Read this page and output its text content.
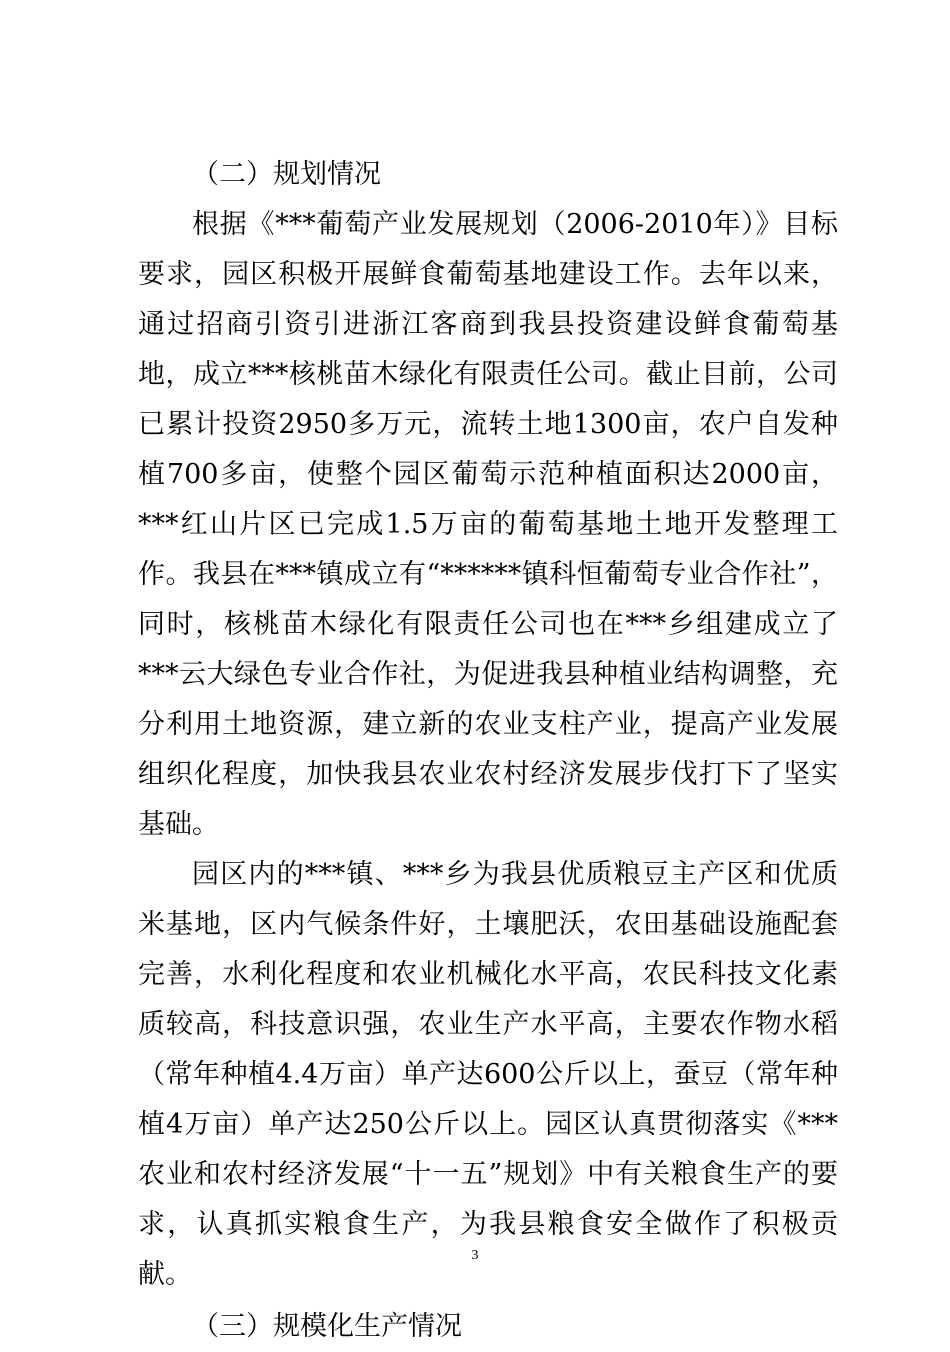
（二）规划情况

根据《***葡萄产业发展规划（2006-2010年）》目标要求，园区积极开展鲜食葡萄基地建设工作。去年以来，通过招商引资引进浙江客商到我县投资建设鲜食葡萄基地，成立***核桃苗木绿化有限责任公司。截止目前，公司已累计投资2950多万元，流转土地1300亩，农户自发种植700多亩，使整个园区葡萄示范种植面积达2000亩，***红山片区已完成1.5万亩的葡萄基地土地开发整理工作。我县在***镇成立有“******镇科恒葡萄专业合作社”，同时，核桃苗木绿化有限责任公司也在***乡组建成立了***云大绿色专业合作社，为促进我县种植业结构调整，充分利用土地资源，建立新的农业支柱产业，提高产业发展组织化程度，加快我县农业农村经济发展步伐打下了坚实基础。

园区内的***镇、***乡为我县优质粮豆主产区和优质米基地，区内气候条件好，土壤肥沃，农田基础设施配套完善，水利化程度和农业机械化水平高，农民科技文化素质较高，科技意识强，农业生产水平高，主要农作物水稻（常年种植4.4万亩）单产达600公斤以上，蚕豆（常年种植4万亩）单产达250公斤以上。园区认真贯彻落实《***农业和农村经济发展“十一五”规划》中有关粮食生产的要求，认真抓实粮食生产，为我县粮食安全做作了积极贡献。

（三）规模化生产情况

3
